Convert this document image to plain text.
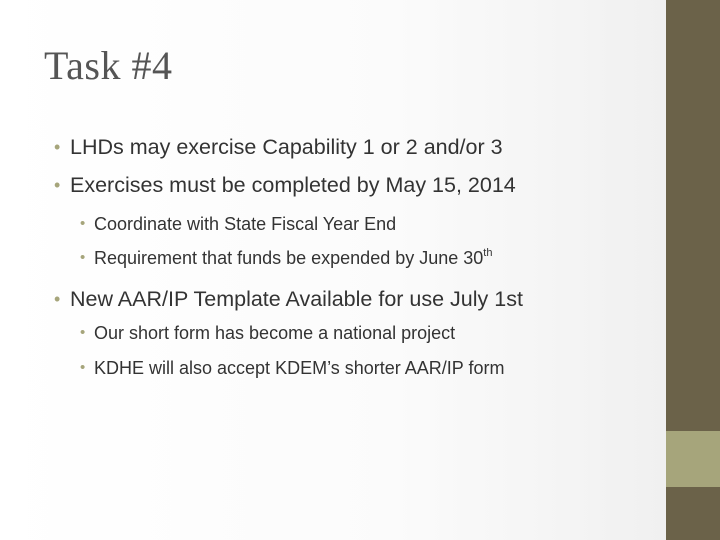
Task #4
• LHDs may exercise Capability 1 or 2 and/or 3
• Exercises must be completed by May 15, 2014
• Coordinate with State Fiscal Year End
• Requirement that funds be expended by June 30th
• New AAR/IP Template Available for use July 1st
• Our short form has become a national project
• KDHE will also accept KDEM’s shorter AAR/IP form
